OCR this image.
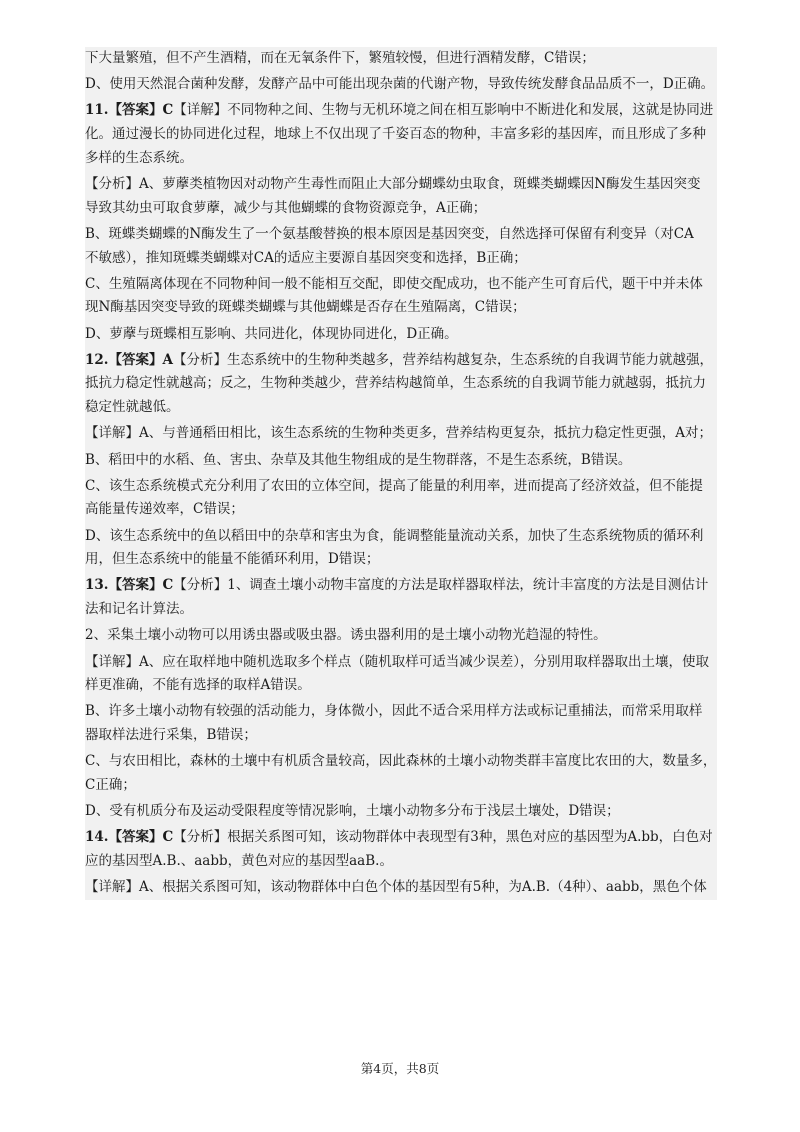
下大量繁殖，但不产生酒精，而在无氧条件下，繁殖较慢，但进行酒精发酵，C错误；

D、使用天然混合菌种发酵，发酵产品中可能出现杂菌的代谢产物，导致传统发酵食品品质不一，D正确。

11.【答案】C【详解】不同物种之间、生物与无机环境之间在相互影响中不断进化和发展，这就是协同进

化。通过漫长的协同进化过程，地球上不仅出现了千姿百态的物种，丰富多彩的基因库，而且形成了多种

多样的生态系统。

【分析】A、萝藦类植物因对动物产生毒性而阻止大部分蝴蝶幼虫取食，斑蝶类蝴蝶因N酶发生基因突变

导致其幼虫可取食萝藦，减少与其他蝴蝶的食物资源竞争，A正确；

B、斑蝶类蝴蝶的N酶发生了一个氨基酸替换的根本原因是基因突变，自然选择可保留有利变异（对CA

不敏感），推知斑蝶类蝴蝶对CA的适应主要源自基因突变和选择，B正确；

C、生殖隔离体现在不同物种间一般不能相互交配，即使交配成功，也不能产生可育后代，题干中并未体

现N酶基因突变导致的斑蝶类蝴蝶与其他蝴蝶是否存在生殖隔离，C错误；

D、萝藦与斑蝶相互影响、共同进化，体现协同进化，D正确。

12.【答案】A【分析】生态系统中的生物种类越多，营养结构越复杂，生态系统的自我调节能力就越强，

抵抗力稳定性就越高；反之，生物种类越少，营养结构越简单，生态系统的自我调节能力就越弱，抵抗力

稳定性就越低。

【详解】A、与普通稻田相比，该生态系统的生物种类更多，营养结构更复杂，抵抗力稳定性更强，A对；

B、稻田中的水稻、鱼、害虫、杂草及其他生物组成的是生物群落，不是生态系统，B错误。

C、该生态系统模式充分利用了农田的立体空间，提高了能量的利用率，进而提高了经济效益，但不能提

高能量传递效率，C错误；

D、该生态系统中的鱼以稻田中的杂草和害虫为食，能调整能量流动关系，加快了生态系统物质的循环利

用，但生态系统中的能量不能循环利用，D错误；

13.【答案】C【分析】1、调查土壤小动物丰富度的方法是取样器取样法，统计丰富度的方法是目测估计

法和记名计算法。

2、采集土壤小动物可以用诱虫器或吸虫器。诱虫器利用的是土壤小动物光趋湿的特性。

【详解】A、应在取样地中随机选取多个样点（随机取样可适当减少误差），分别用取样器取出土壤，使取

样更准确，不能有选择的取样A错误。

B、许多土壤小动物有较强的活动能力，身体微小，因此不适合采用样方法或标记重捕法，而常采用取样

器取样法进行采集，B错误；

C、与农田相比，森林的土壤中有机质含量较高，因此森林的土壤小动物类群丰富度比农田的大，数量多，

C正确；

D、受有机质分布及运动受限程度等情况影响，土壤小动物多分布于浅层土壤处，D错误；

14.【答案】C【分析】根据关系图可知，该动物群体中表现型有3种，黑色对应的基因型为A.bb，白色对

应的基因型A.B.、aabb，黄色对应的基因型aaB.。

【详解】A、根据关系图可知，该动物群体中白色个体的基因型有5种，为A.B.（4种）、aabb，黑色个体

第4页，共8页
